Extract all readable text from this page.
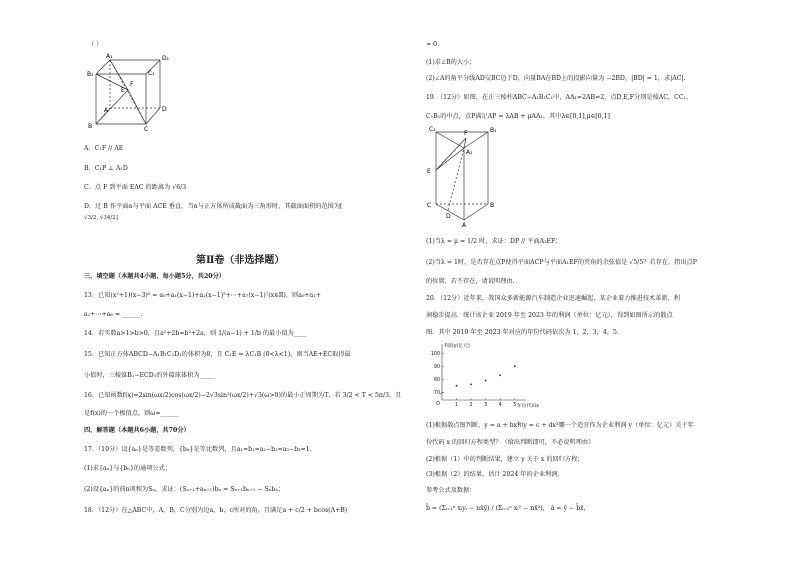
（ ）
A₁	D₁
B₁	C₁
E
F
A	D
B	C
A．C₁F // AE
B．C₁P ⊥ A₁D
C．点 F 到平面 EAC 的距离为 √6/3
D．过 B 作平面α与平面 ACE 垂直，当α与正方体所成截面为三角形时，其截面面积的范围为[
√3/2, √34/2]
第Ⅱ卷（非选择题）
三、填空题（本题共4小题，每小题5分，共20分）
13．已知(x²+1)(x−3)⁵ = a₀+a₁(x−1)+a₂(x−1)²+⋯+a₇(x−1)⁷(x∈R)，则a₀+a₁+
a₂+⋯+a₆ = ______.
14．若实数a>1>b>0，且a²+2b=b²+2a，则 1/(a−1) + 1/b 的最小值为____
15．已知正方体ABCD−A₁B₁C₁D₁的体积为8，且 C₁E = λC₁B (0<λ<1)，则当AE+EC取得最
小值时，三棱锥B₁−ECD₁的外接球体积为_____
16．已知函数f(x)=2sin(ωx/2)cos(ωx/2)−2√3sin²(ωx/2)+√3(ω>0)的最小正周期为T，若 3/2 < T < 5π/3，且
是f(x)的一个极值点，则ω=______
四、解答题（本题共6小题，共70分）
17．（10分）设{aₙ}是等差数列，{bₙ}是等比数列，且a₁=b₁=a₂−b₂=a₃−b₃=1.
(1)求{aₙ}与{bₙ}的通项公式；
(2)设{aₙ}的前n项和为Sₙ，求证：(Sₙ₊₁+aₙ₊₁)bₙ = Sₙ₊₁bₙ₊₁ − Sₙbₙ；
18．（12分）在△ABC中，A，B，C分别为边a，b，c所对的角，且满足a + c/2 + bcos(A+B)
= 0.
(1)求∠B的大小；
(2)∠A的角平分线AD交BC边于D，向量BA在BD上的投影向量为 −2BD，|BD| = 1，求|AC|.
19．（12分）如图，在正三棱柱ABC−A₁B₁C₁中，AA₁=2AB=2，点D,E,F分别是棱AC，CC₁，
C₁B₁的中点，点P满足AP = λAB + μAA₁，其中λ∈[0,1],μ∈[0,1]
C₁	B₁
F
A₁
E
C	B
D
A
(1)当λ = μ = 1/2 时，求证：DP // 平面A₁EF；
(2)当λ = 1时，是否存在点P使得平面ACP与平面A₁EF的夹角的余弦值是 √5/5？若存在，指出点P
的位置，若不存在，请说明理由.
20．（12分）近年来，我国众多新能源汽车制造企业迅速崛起，某企业着力推进技术革新，利
润稳步提高．统计该企业 2019 年至 2023 年的利润（单位：亿元），得到如图所示的散点
图．其中 2019 年至 2023 年对应的年份代码依次为 1，2，3，4，5．
利润y(亿元)
年份代码x
O	1 2 3 4 5
70
80
90
100
(1)根据散点图判断，y = a + bx和y = c + dx³哪一个适宜作为企业利润 y（单位：亿元）关于年
份代码 x 的回归方程类型？（给出判断即可，不必说明理由）
(2)根据（1）中的判断结果，建立 y 关于 x 的回归方程；
(3)根据（2）的结果，估计 2024 年的企业利润．
参考公式及数据：
b̂ = (Σᵢ₌₁ⁿ xᵢyᵢ − nx̄ȳ) / (Σᵢ₌₁ⁿ xᵢ² − nx̄²)， â = ȳ − b̂x̄，
